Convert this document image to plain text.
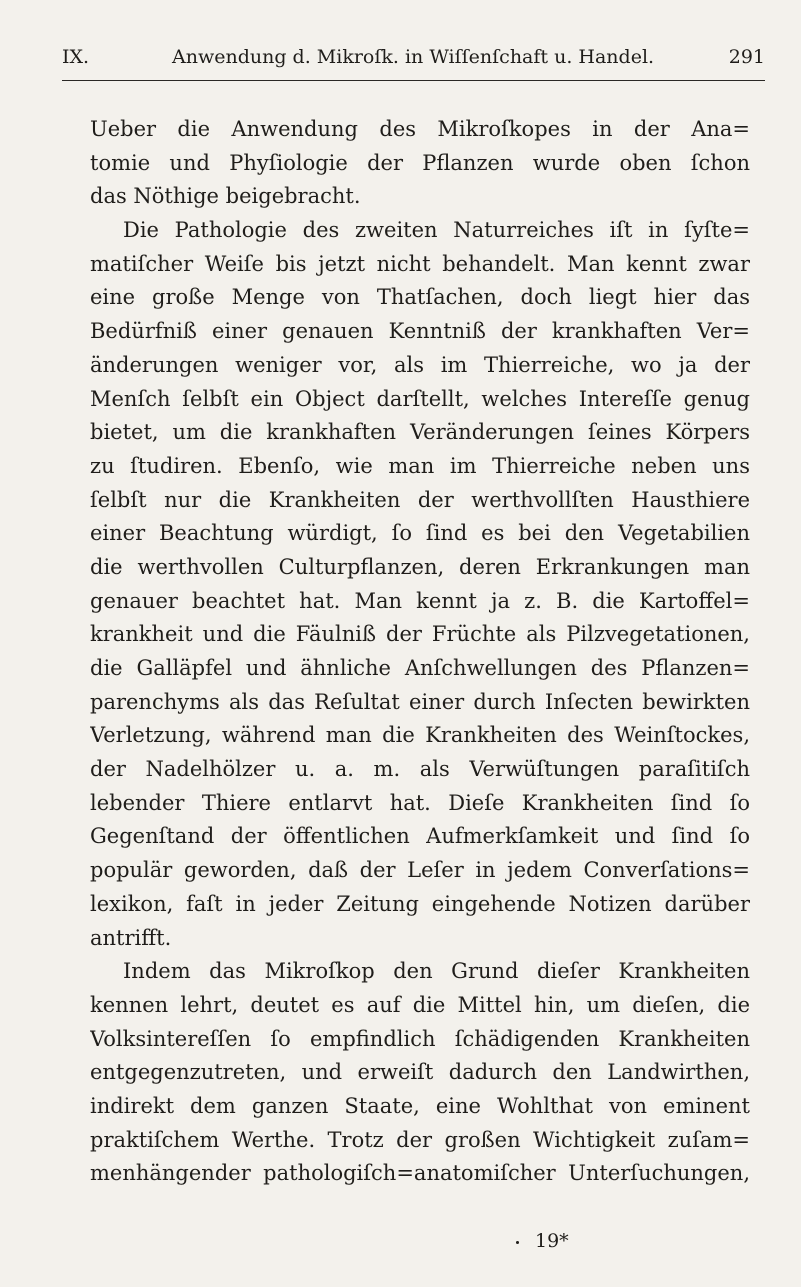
IX.	Anwendung d. Mikroſk. in Wiſſenſchaft u. Handel.	291
Ueber die Anwendung des Mikroſkopes in der Ana=
tomie und Phyſiologie der Pflanzen wurde oben ſchon
das Nöthige beigebracht.
Die Pathologie des zweiten Naturreiches iſt in ſyſte=
matiſcher Weiſe bis jetzt nicht behandelt. Man kennt zwar
eine große Menge von Thatſachen, doch liegt hier das
Bedürfniß einer genauen Kenntniß der krankhaften Ver=
änderungen weniger vor, als im Thierreiche, wo ja der
Menſch ſelbſt ein Object darſtellt, welches Intereſſe genug
bietet, um die krankhaften Veränderungen ſeines Körpers
zu ſtudiren. Ebenſo, wie man im Thierreiche neben uns
ſelbſt nur die Krankheiten der werthvollſten Hausthiere
einer Beachtung würdigt, ſo ſind es bei den Vegetabilien
die werthvollen Culturpflanzen, deren Erkrankungen man
genauer beachtet hat. Man kennt ja z. B. die Kartoffel=
krankheit und die Fäulniß der Früchte als Pilzvegetationen,
die Galläpfel und ähnliche Anſchwellungen des Pflanzen=
parenchyms als das Reſultat einer durch Inſecten bewirkten
Verletzung, während man die Krankheiten des Weinſtockes,
der Nadelhölzer u. a. m. als Verwüſtungen paraſitiſch
lebender Thiere entlarvt hat. Dieſe Krankheiten ſind ſo
Gegenſtand der öffentlichen Aufmerkſamkeit und ſind ſo
populär geworden, daß der Leſer in jedem Converſations=
lexikon, faſt in jeder Zeitung eingehende Notizen darüber
antrifft.
Indem das Mikroſkop den Grund dieſer Krankheiten
kennen lehrt, deutet es auf die Mittel hin, um dieſen, die
Volksintereſſen ſo empfindlich ſchädigenden Krankheiten
entgegenzutreten, und erweiſt dadurch den Landwirthen,
indirekt dem ganzen Staate, eine Wohlthat von eminent
praktiſchem Werthe. Trotz der großen Wichtigkeit zuſam=
menhängender pathologiſch=anatomiſcher Unterſuchungen,
19*
